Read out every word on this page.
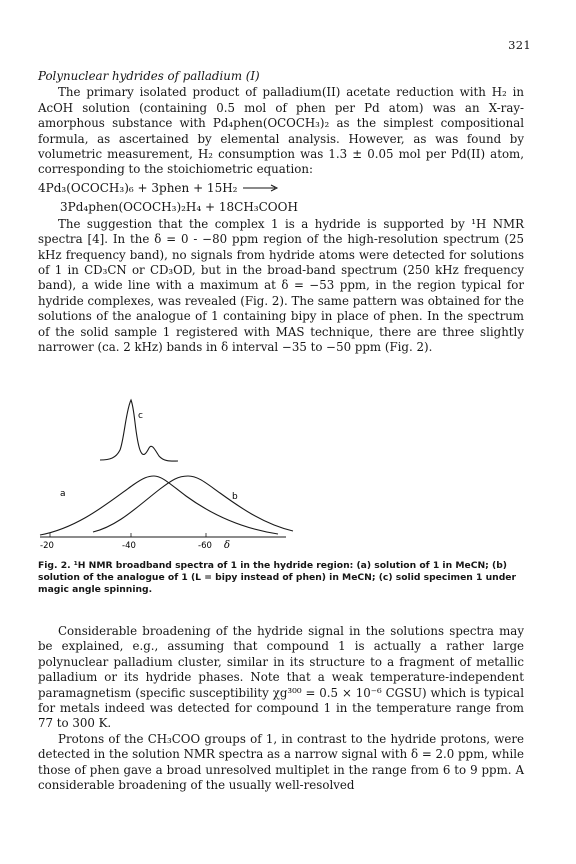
321

Polynuclear hydrides of palladium (I)

The primary isolated product of palladium(II) acetate reduction with H₂ in AcOH solution (containing 0.5 mol of phen per Pd atom) was an X-ray-amorphous substance with Pd₄phen(OCOCH₃)₂ as the simplest compositional formula, as ascertained by elemental analysis. However, as was found by volumetric measurement, H₂ consumption was 1.3 ± 0.05 mol per Pd(II) atom, corresponding to the stoichiometric equation:

4Pd₃(OCOCH₃)₆ + 3phen + 15H₂ →

3Pd₄phen(OCOCH₃)₂H₄ + 18CH₃COOH

The suggestion that the complex 1 is a hydride is supported by ¹H NMR spectra [4]. In the δ = 0 - −80 ppm region of the high-resolution spectrum (25 kHz frequency band), no signals from hydride atoms were detected for solutions of 1 in CD₃CN or CD₃OD, but in the broad-band spectrum (250 kHz frequency band), a wide line with a maximum at δ = −53 ppm, in the region typical for hydride complexes, was revealed (Fig. 2). The same pattern was obtained for the solutions of the analogue of 1 containing bipy in place of phen. In the spectrum of the solid sample 1 registered with MAS technique, there are three slightly narrower (ca. 2 kHz) bands in δ interval −35 to −50 ppm (Fig. 2).

c
a	b
-20	-40	-60 δ
Fig. 2. ¹H NMR broadband spectra of 1 in the hydride region: (a) solution of 1 in MeCN; (b) solution of the analogue of 1 (L = bipy instead of phen) in MeCN; (c) solid specimen 1 under magic angle spinning.

Considerable broadening of the hydride signal in the solutions spectra may be explained, e.g., assuming that compound 1 is actually a rather large polynuclear palladium cluster, similar in its structure to a fragment of metallic palladium or its hydride phases. Note that a weak temperature-independent paramagnetism (specific susceptibility χg³⁰⁰ = 0.5 × 10⁻⁶ CGSU) which is typical for metals indeed was detected for compound 1 in the temperature range from 77 to 300 K.

Protons of the CH₃COO groups of 1, in contrast to the hydride protons, were detected in the solution NMR spectra as a narrow signal with δ = 2.0 ppm, while those of phen gave a broad unresolved multiplet in the range from 6 to 9 ppm. A considerable broadening of the usually well-resolved
